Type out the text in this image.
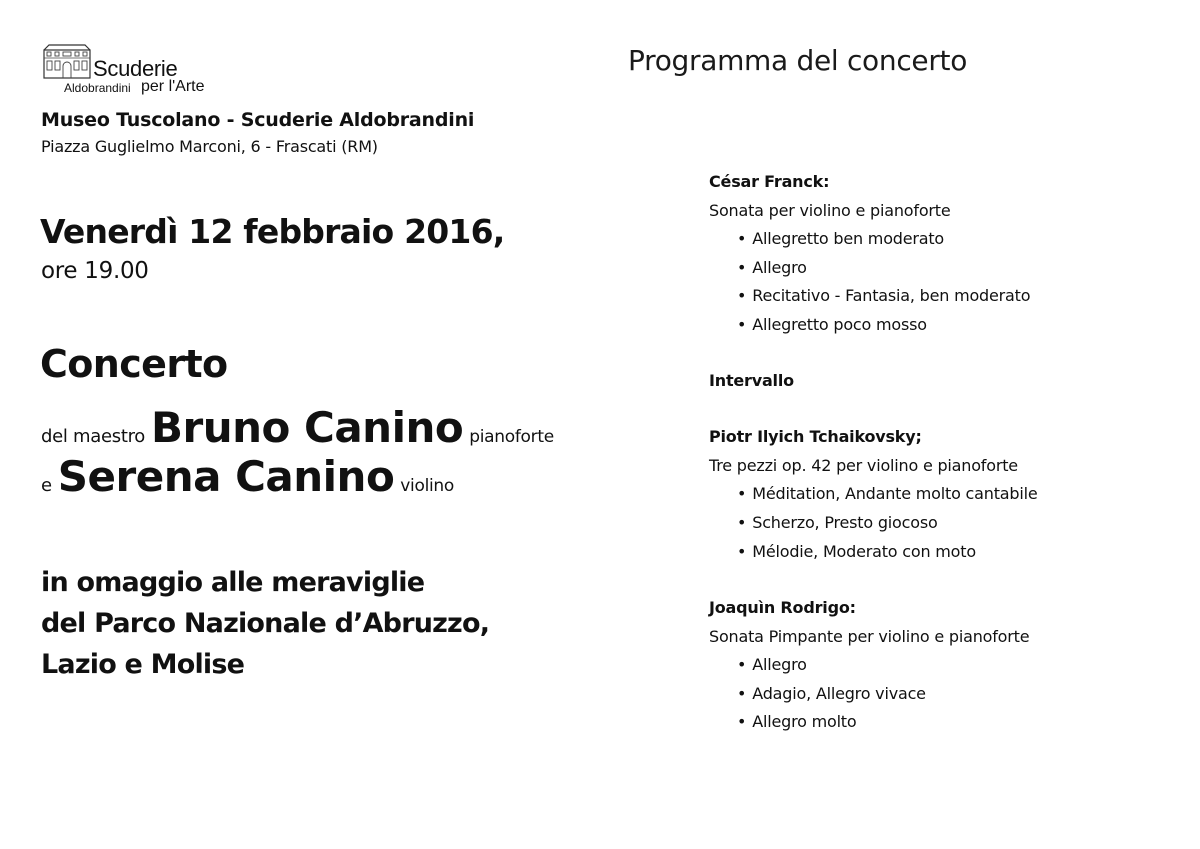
Scuderie
Aldobrandini per l'Arte
Museo Tuscolano - Scuderie Aldobrandini
Piazza Guglielmo Marconi, 6 - Frascati (RM)
Venerdì 12 febbraio 2016,
ore 19.00
Concerto
del maestro Bruno Canino pianoforte
e Serena Canino violino
in omaggio alle meraviglie
del Parco Nazionale d’Abruzzo,
Lazio e Molise
Programma del concerto
César Franck:
Sonata per violino e pianoforte
• Allegretto ben moderato
• Allegro
• Recitativo - Fantasia, ben moderato
• Allegretto poco mosso
Intervallo
Piotr Ilyich Tchaikovsky;
Tre pezzi op. 42 per violino e pianoforte
• Méditation, Andante molto cantabile
• Scherzo, Presto giocoso
• Mélodie, Moderato con moto
Joaquìn Rodrigo:
Sonata Pimpante per violino e pianoforte
• Allegro
• Adagio, Allegro vivace
• Allegro molto
